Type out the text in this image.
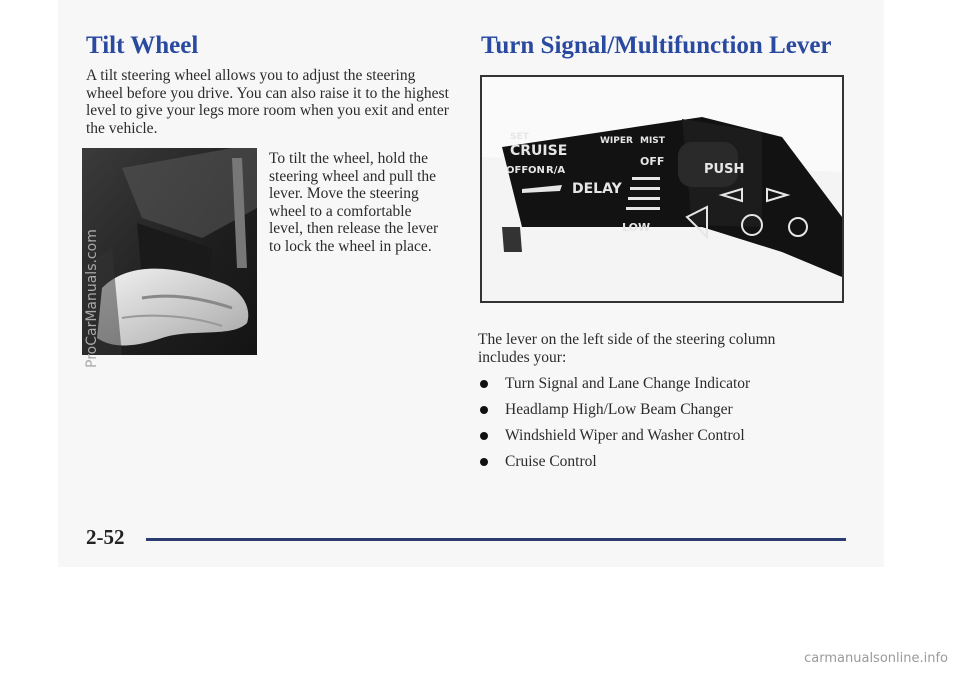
Tilt Wheel

A tilt steering wheel allows you to adjust the steering wheel before you drive. You can also raise it to the highest level to give your legs more room when you exit and enter the vehicle.

To tilt the wheel, hold the steering wheel and pull the lever. Move the steering wheel to a comfortable level, then release the lever to lock the wheel in place.

Turn Signal/Multifunction Lever
SET
CRUISE
OFF ON R/A
DELAY
WIPER MIST
OFF
LOW
PUSH

The lever on the left side of the steering column includes your:

Turn Signal and Lane Change Indicator
Headlamp High/Low Beam Changer
Windshield Wiper and Washer Control
Cruise Control
2-52
ProCarManuals.com
carmanualsonline.info
